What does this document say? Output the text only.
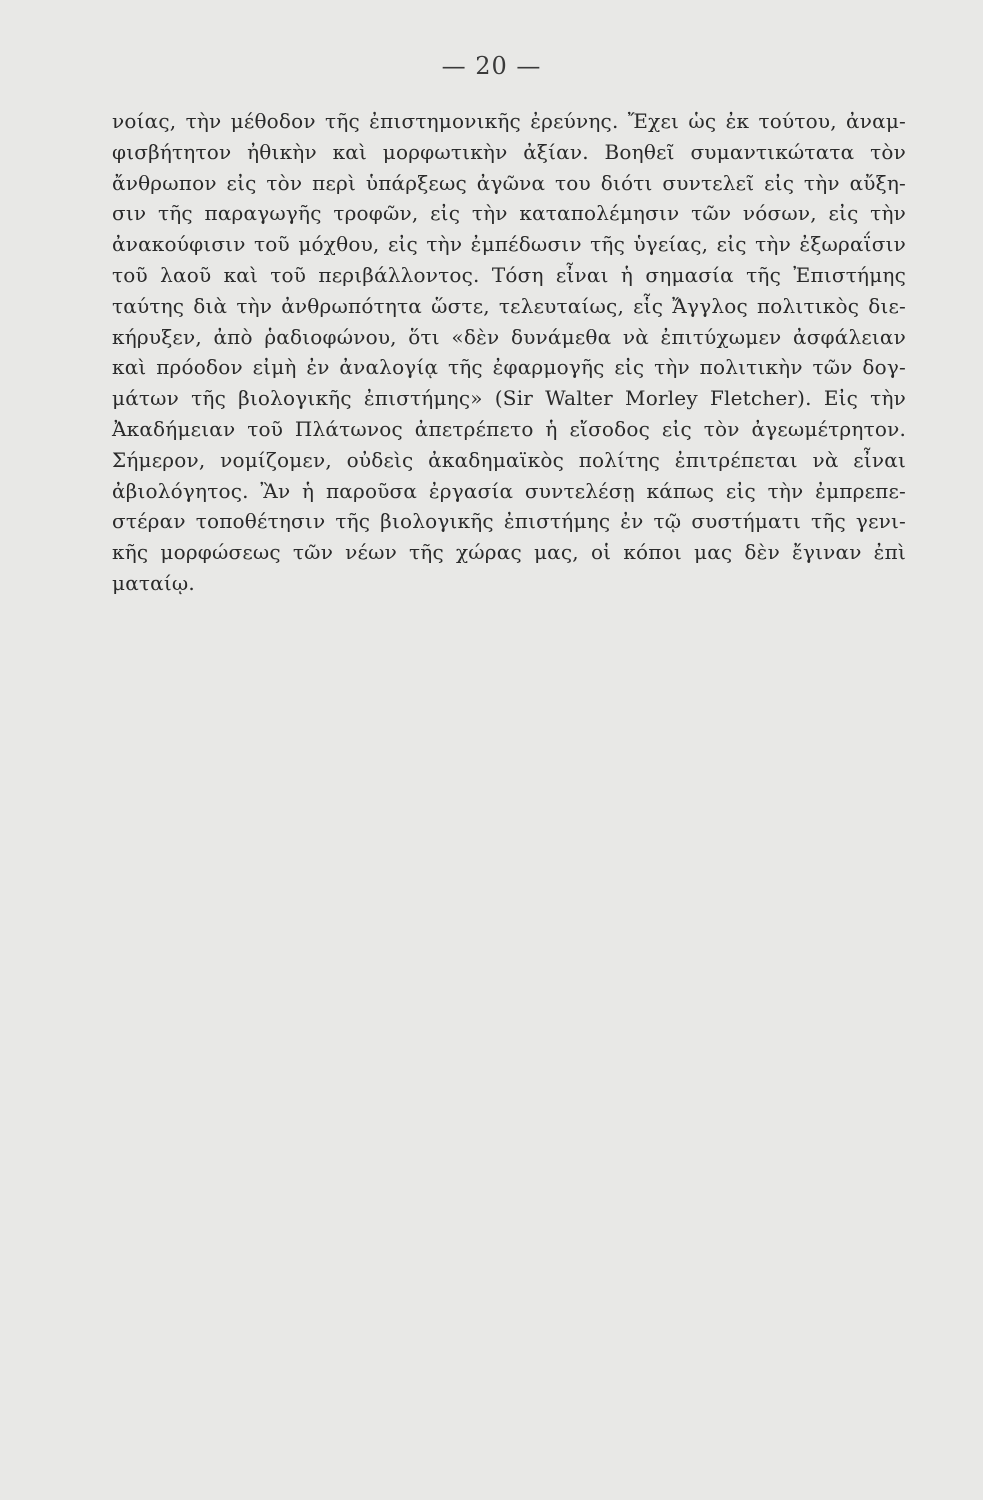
— 20 —
νοίας, τὴν μέθοδον τῆς ἐπιστημονικῆς ἐρεύνης. Ἔχει ὡς ἐκ τούτου, ἀναμ-
φισβήτητον ἠθικὴν καὶ μορφωτικὴν ἀξίαν. Βοηθεῖ συμαντικώτατα τὸν
ἄνθρωπον εἰς τὸν περὶ ὑπάρξεως ἀγῶνα του διότι συντελεῖ εἰς τὴν αὔξη-
σιν τῆς παραγωγῆς τροφῶν, εἰς τὴν καταπολέμησιν τῶν νόσων, εἰς τὴν
ἀνακούφισιν τοῦ μόχθου, εἰς τὴν ἐμπέδωσιν τῆς ὑγείας, εἰς τὴν ἐξωραΐσιν
τοῦ λαοῦ καὶ τοῦ περιβάλλοντος. Τόση εἶναι ἡ σημασία τῆς Ἐπιστήμης
ταύτης διὰ τὴν ἀνθρωπότητα ὥστε, τελευταίως, εἷς Ἄγγλος πολιτικὸς διε-
κήρυξεν, ἀπὸ ῥαδιοφώνου, ὅτι «δὲν δυνάμεθα νὰ ἐπιτύχωμεν ἀσφάλειαν
καὶ πρόοδον εἰμὴ ἐν ἀναλογίᾳ τῆς ἐφαρμογῆς εἰς τὴν πολιτικὴν τῶν δογ-
μάτων τῆς βιολογικῆς ἐπιστήμης» (Sir Walter Morley Fletcher). Εἰς τὴν
Ἀκαδήμειαν τοῦ Πλάτωνος ἀπετρέπετο ἡ εἴσοδος εἰς τὸν ἀγεωμέτρητον.
Σήμερον, νομίζομεν, οὐδεὶς ἀκαδημαϊκὸς πολίτης ἐπιτρέπεται νὰ εἶναι
ἀβιολόγητος. Ἂν ἡ παροῦσα ἐργασία συντελέσῃ κάπως εἰς τὴν ἐμπρεπε-
στέραν τοποθέτησιν τῆς βιολογικῆς ἐπιστήμης ἐν τῷ συστήματι τῆς γενι-
κῆς μορφώσεως τῶν νέων τῆς χώρας μας, οἱ κόποι μας δὲν ἔγιναν ἐπὶ
ματαίῳ.
